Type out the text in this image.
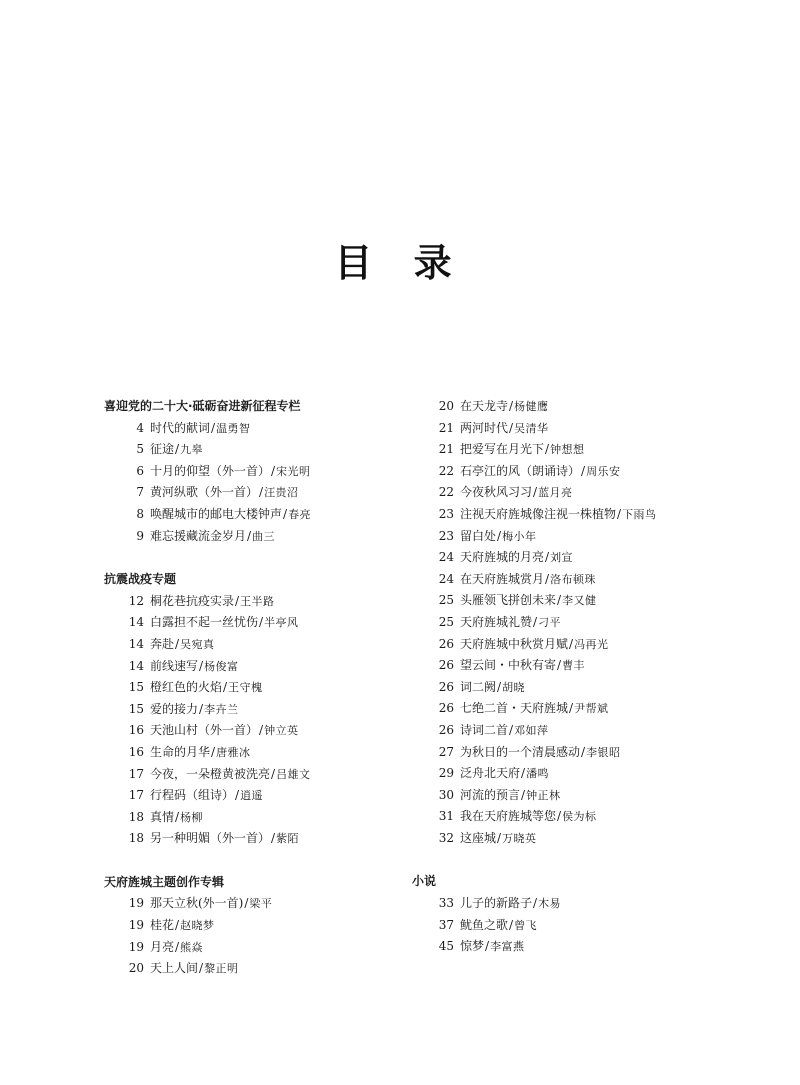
目 录
喜迎党的二十大·砥砺奋进新征程专栏
4 时代的献词 / 温勇智
5 征途 / 九皋
6 十月的仰望（外一首） / 宋光明
7 黄河纵歌（外一首） / 汪贵沼
8 唤醒城市的邮电大楼钟声 / 春亮
9 难忘援藏流金岁月 / 曲三
抗震战疫专题
12 桐花巷抗疫实录 / 王半路
14 白露担不起一丝忧伤 / 半亭风
14 奔赴 / 吴宛真
14 前线速写 / 杨俊富
15 橙红色的火焰 / 王守槐
15 爱的接力 / 李卉兰
16 天池山村（外一首） / 钟立英
16 生命的月华 / 唐雅冰
17 今夜，一朵橙黄被洗亮 / 吕雄文
17 行程码（组诗） / 逍遥
18 真情 / 杨柳
18 另一种明媚（外一首） / 紫陌
天府旌城主题创作专辑
19 那天立秋(外一首) / 梁平
19 桂花 / 赵晓梦
19 月亮 / 熊焱
20 天上人间 / 黎正明
20 在天龙寺 / 杨健鹰
21 两河时代 / 吴清华
21 把爱写在月光下 / 钟想想
22 石亭江的风（朗诵诗） / 周乐安
22 今夜秋风习习 / 蓝月亮
23 注视天府旌城像注视一株植物 / 下雨鸟
23 留白处 / 梅小年
24 天府旌城的月亮 / 刘宣
24 在天府旌城赏月 / 洛布顿珠
25 头雁领飞拼创未来 / 李又健
25 天府旌城礼赞 / 刁平
26 天府旌城中秋赏月赋 / 冯再光
26 望云间・中秋有寄 / 曹丰
26 词二阙 / 胡晓
26 七绝二首・天府旌城 / 尹帮斌
26 诗词二首 / 邓如萍
27 为秋日的一个清晨感动 / 李银昭
29 泛舟北天府 / 潘鸣
30 河流的预言 / 钟正林
31 我在天府旌城等您 / 侯为标
32 这座城 / 万晓英
小说
33 儿子的新路子 / 木易
37 鱿鱼之歌 / 曾飞
45 惊梦 / 李富燕
